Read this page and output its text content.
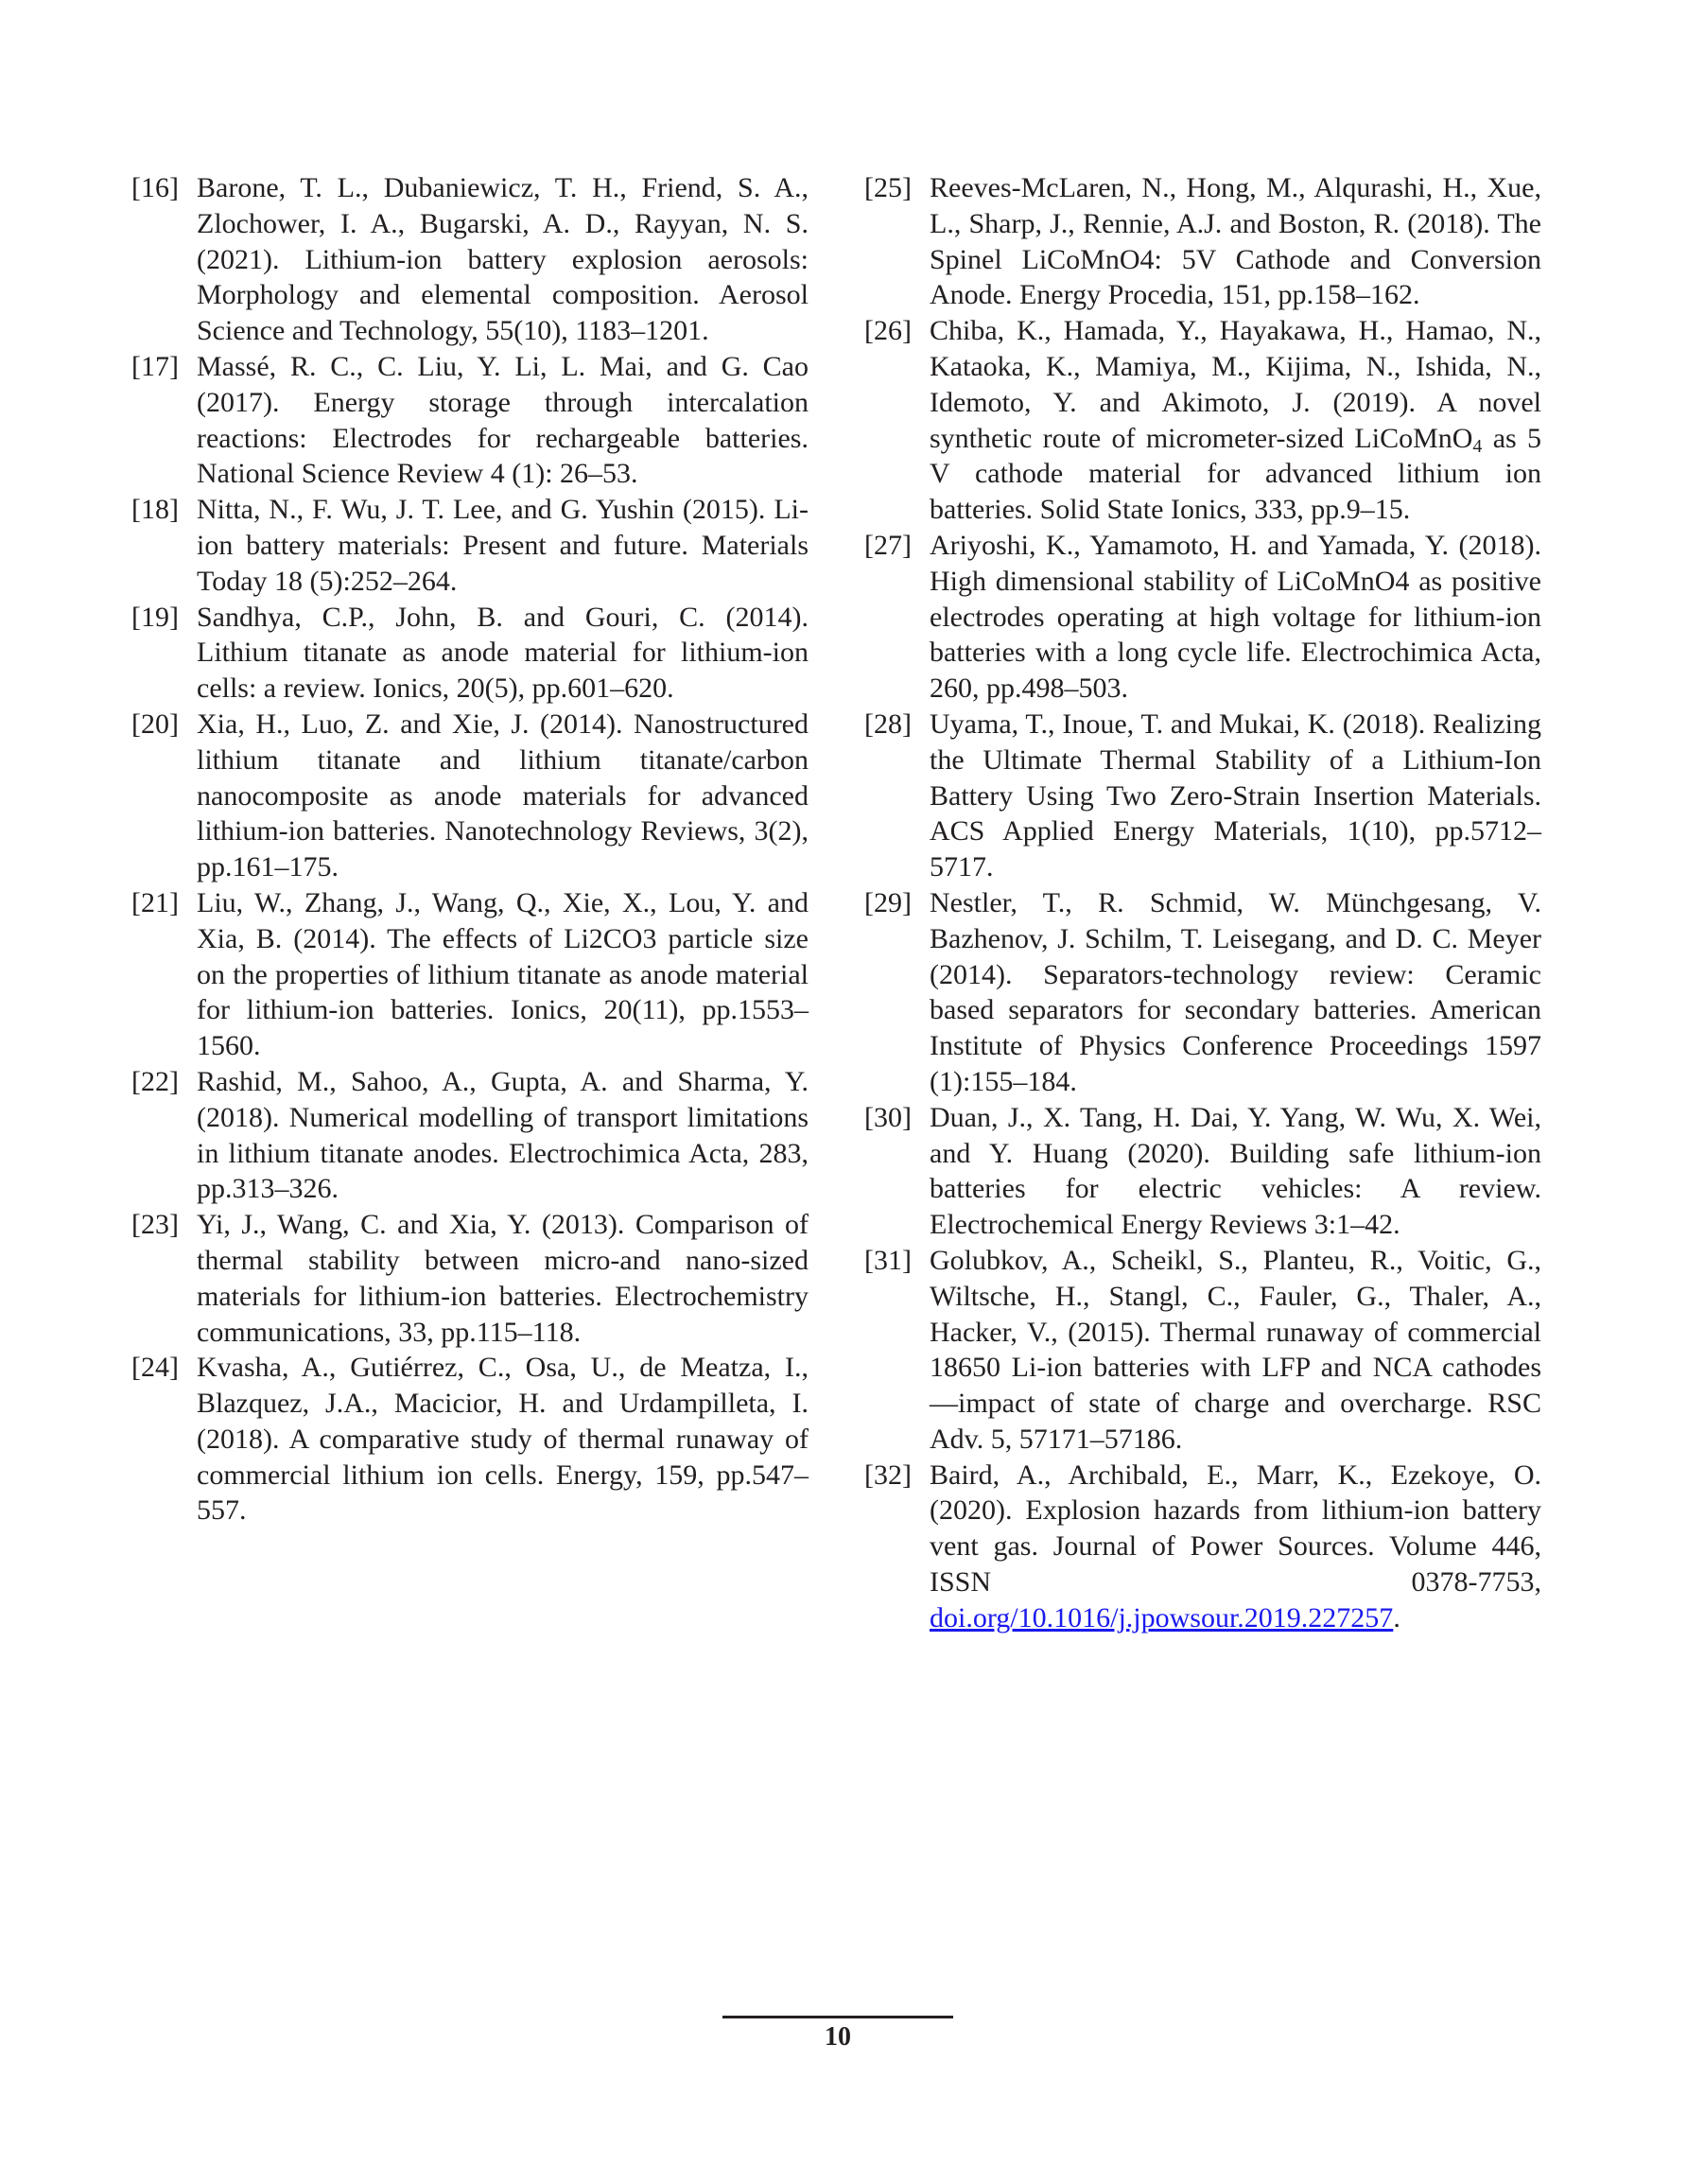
[16] Barone, T. L., Dubaniewicz, T. H., Friend, S. A., Zlochower, I. A., Bugarski, A. D., Rayyan, N. S. (2021). Lithium-ion battery explosion aerosols: Morphology and elemental composition. Aerosol Science and Technology, 55(10), 1183–1201.
[17] Massé, R. C., C. Liu, Y. Li, L. Mai, and G. Cao (2017). Energy storage through intercalation reactions: Electrodes for rechargeable batteries. National Science Review 4 (1): 26–53.
[18] Nitta, N., F. Wu, J. T. Lee, and G. Yushin (2015). Li-ion battery materials: Present and future. Materials Today 18 (5):252–264.
[19] Sandhya, C.P., John, B. and Gouri, C. (2014). Lithium titanate as anode material for lithium-ion cells: a review. Ionics, 20(5), pp.601–620.
[20] Xia, H., Luo, Z. and Xie, J. (2014). Nanostructured lithium titanate and lithium titanate/carbon nanocomposite as anode materials for advanced lithium-ion batteries. Nanotechnology Reviews, 3(2), pp.161–175.
[21] Liu, W., Zhang, J., Wang, Q., Xie, X., Lou, Y. and Xia, B. (2014). The effects of Li2CO3 particle size on the properties of lithium titanate as anode material for lithium-ion batteries. Ionics, 20(11), pp.1553–1560.
[22] Rashid, M., Sahoo, A., Gupta, A. and Sharma, Y. (2018). Numerical modelling of transport limitations in lithium titanate anodes. Electrochimica Acta, 283, pp.313–326.
[23] Yi, J., Wang, C. and Xia, Y. (2013). Comparison of thermal stability between micro-and nano-sized materials for lithium-ion batteries. Electrochemistry communications, 33, pp.115–118.
[24] Kvasha, A., Gutiérrez, C., Osa, U., de Meatza, I., Blazquez, J.A., Macicior, H. and Urdampilleta, I. (2018). A comparative study of thermal runaway of commercial lithium ion cells. Energy, 159, pp.547–557.
[25] Reeves-McLaren, N., Hong, M., Alqurashi, H., Xue, L., Sharp, J., Rennie, A.J. and Boston, R. (2018). The Spinel LiCoMnO4: 5V Cathode and Conversion Anode. Energy Procedia, 151, pp.158–162.
[26] Chiba, K., Hamada, Y., Hayakawa, H., Hamao, N., Kataoka, K., Mamiya, M., Kijima, N., Ishida, N., Idemoto, Y. and Akimoto, J. (2019). A novel synthetic route of micrometer-sized LiCoMnO$_4$ as 5 V cathode material for advanced lithium ion batteries. Solid State Ionics, 333, pp.9–15.
[27] Ariyoshi, K., Yamamoto, H. and Yamada, Y. (2018). High dimensional stability of LiCoMnO4 as positive electrodes operating at high voltage for lithium-ion batteries with a long cycle life. Electrochimica Acta, 260, pp.498–503.
[28] Uyama, T., Inoue, T. and Mukai, K. (2018). Realizing the Ultimate Thermal Stability of a Lithium-Ion Battery Using Two Zero-Strain Insertion Materials. ACS Applied Energy Materials, 1(10), pp.5712–5717.
[29] Nestler, T., R. Schmid, W. Münchgesang, V. Bazhenov, J. Schilm, T. Leisegang, and D. C. Meyer (2014). Separators-technology review: Ceramic based separators for secondary batteries. American Institute of Physics Conference Proceedings 1597 (1):155–184.
[30] Duan, J., X. Tang, H. Dai, Y. Yang, W. Wu, X. Wei, and Y. Huang (2020). Building safe lithium-ion batteries for electric vehicles: A review. Electrochemical Energy Reviews 3:1–42.
[31] Golubkov, A., Scheikl, S., Planteu, R., Voitic, G., Wiltsche, H., Stangl, C., Fauler, G., Thaler, A., Hacker, V., (2015). Thermal runaway of commercial 18650 Li-ion batteries with LFP and NCA cathodes—impact of state of charge and overcharge. RSC Adv. 5, 57171–57186.
[32] Baird, A., Archibald, E., Marr, K., Ezekoye, O. (2020). Explosion hazards from lithium-ion battery vent gas. Journal of Power Sources. Volume 446, ISSN 0378-7753, doi.org/10.1016/j.jpowsour.2019.227257.
10
